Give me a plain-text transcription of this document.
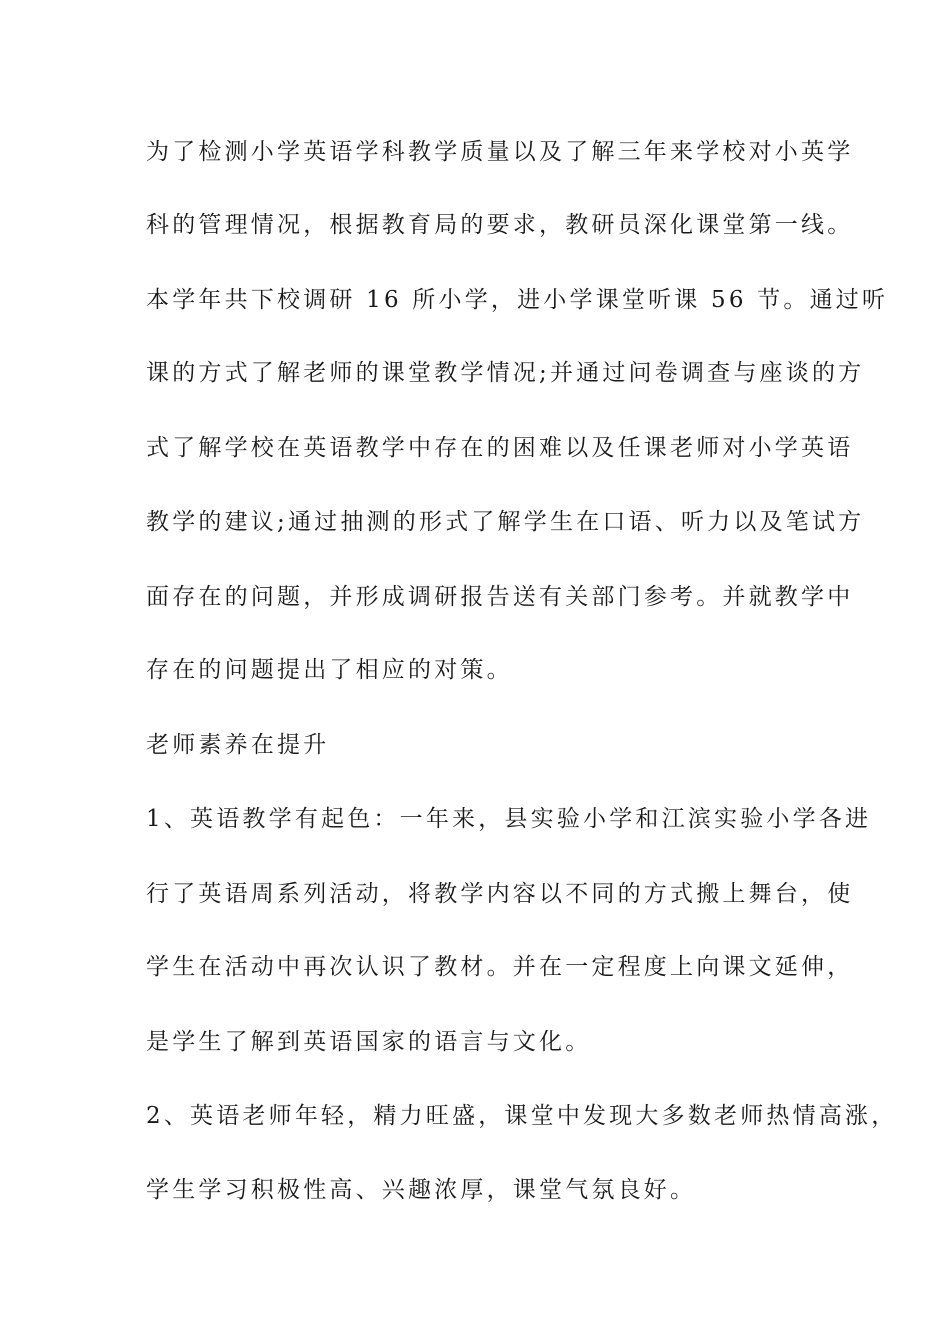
为了检测小学英语学科教学质量以及了解三年来学校对小英学
科的管理情况，根据教育局的要求，教研员深化课堂第一线。
本学年共下校调研 16 所小学，进小学课堂听课 56 节。通过听
课的方式了解老师的课堂教学情况;并通过问卷调查与座谈的方
式了解学校在英语教学中存在的困难以及任课老师对小学英语
教学的建议;通过抽测的形式了解学生在口语、听力以及笔试方
面存在的问题，并形成调研报告送有关部门参考。并就教学中
存在的问题提出了相应的对策。
老师素养在提升
1、英语教学有起色：一年来，县实验小学和江滨实验小学各进
行了英语周系列活动，将教学内容以不同的方式搬上舞台，使
学生在活动中再次认识了教材。并在一定程度上向课文延伸，
是学生了解到英语国家的语言与文化。
2、英语老师年轻，精力旺盛，课堂中发现大多数老师热情高涨，
学生学习积极性高、兴趣浓厚，课堂气氛良好。
